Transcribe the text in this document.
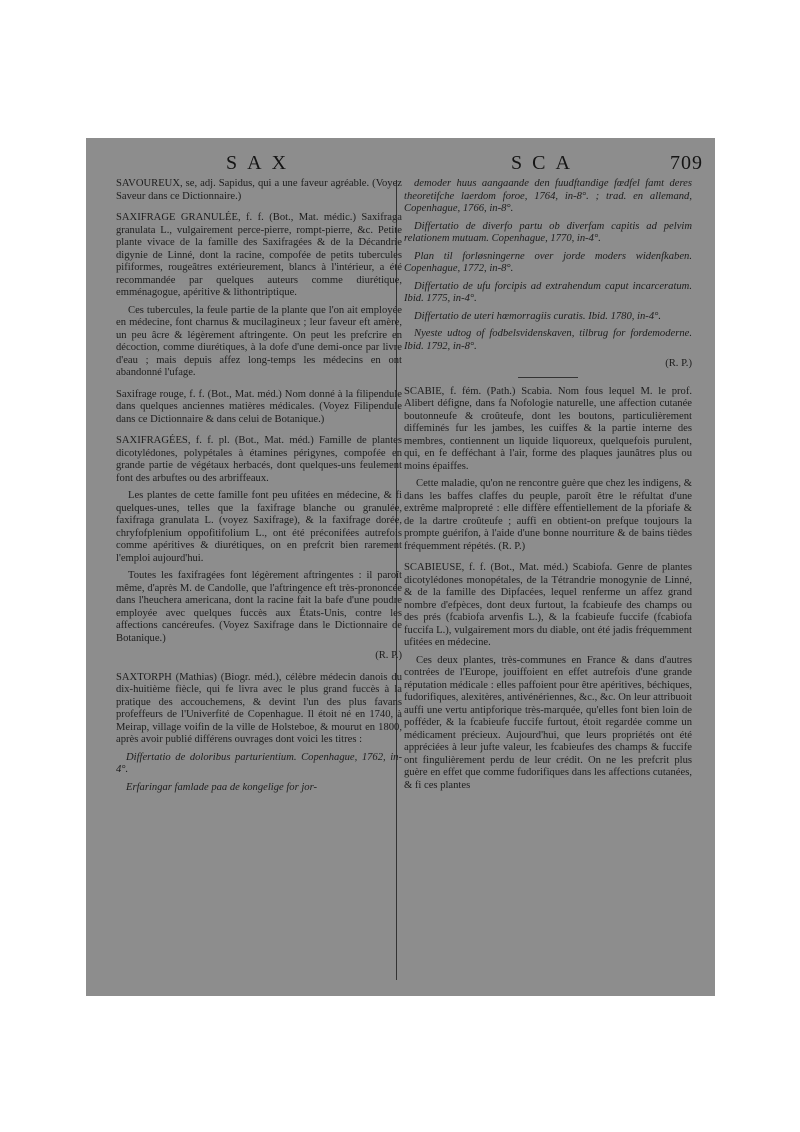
SAX	SCA	709

SAVOUREUX, se, adj. Sapidus, qui a une faveur agréable. (Voyez Saveur dans ce Dictionnaire.)

SAXIFRAGE GRANULÉE, f. f. (Bot., Mat. médic.) Saxifraga granulata L., vulgairement perce-pierre, rompt-pierre, &c. Petite plante vivace de la famille des Saxifragées & de la Décandrie digynie de Linné, dont la racine, compofée de petits tubercules pififormes, rougeâtres extérieurement, blancs à l'intérieur, a été recommandée par quelques auteurs comme diurétique, emménagogue, apéritive & lithontriptique.

Ces tubercules, la feule partie de la plante que l'on ait employée en médecine, font charnus & mucilagineux ; leur faveur eft amère, un peu âcre & légèrement aftringente. On peut les prefcrire en décoction, comme diurétiques, à la dofe d'une demi-once par livre d'eau ; mais depuis affez long-temps les médecins en ont abandonné l'ufage.

Saxifrage rouge, f. f. (Bot., Mat. méd.) Nom donné à la filipendule dans quelques anciennes matières médicales. (Voyez Filipendule dans ce Dictionnaire & dans celui de Botanique.)

SAXIFRAGÉES, f. f. pl. (Bot., Mat. méd.) Famille de plantes dicotylédones, polypétales à étamines périgynes, compofée en grande partie de végétaux herbacés, dont quelques-uns feulement font des arbuftes ou des arbriffeaux.

Les plantes de cette famille font peu ufitées en médecine, & fi quelques-unes, telles que la faxifrage blanche ou granulée, faxifraga granulata L. (voyez Saxifrage), & la faxifrage dorée, chryfofplenium oppofitifolium L., ont été préconifées autrefois comme apéritives & diurétiques, on en prefcrit bien rarement l'emploi aujourd'hui.

Toutes les faxifragées font légèrement aftringentes : il paroît même, d'après M. de Candolle, que l'aftringence eft très-prononcée dans l'heuchera americana, dont la racine fait la bafe d'une poudre employée avec quelques fuccès aux États-Unis, contre les affections cancéreufes. (Voyez Saxifrage dans le Dictionnaire de Botanique.)

(R. P.)

SAXTORPH (Mathias) (Biogr. méd.), célèbre médecin danois du dix-huitième fiècle, qui fe livra avec le plus grand fuccès à la pratique des accouchemens, & devint l'un des plus favans profeffeurs de l'Univerfité de Copenhague. Il étoit né en 1740, à Meirap, village voifin de la ville de Holsteboe, & mourut en 1800, après avoir publié différens ouvrages dont voici les titres :

Differtatio de doloribus parturientium. Copenhague, 1762, in-4°.

Erfaringar famlade paa de kongelige for jor-

demoder huus aangaande den fuudftandige fœdfel famt deres theoretifche laerdom foroe, 1764, in-8°. ; trad. en allemand, Copenhague, 1766, in-8°.

Differtatio de diverfo partu ob diverfam capitis ad pelvim relationem mutuam. Copenhague, 1770, in-4°.

Plan til forløsningerne over jorde moders widenfkaben. Copenhague, 1772, in-8°.

Differtatio de ufu forcipis ad extrahendum caput incarceratum. Ibid. 1775, in-4°.

Differtatio de uteri hœmorragiis curatis. Ibid. 1780, in-4°.

Nyeste udtog of fodbelsvidenskaven, tilbrug for fordemoderne. Ibid. 1792, in-8°.

(R. P.)

SCABIE, f. fém. (Path.) Scabia. Nom fous lequel M. le prof. Alibert défigne, dans fa Nofologie naturelle, une affection cutanée boutonneufe & croûteufe, dont les boutons, particulièrement diffeminés fur les jambes, les cuiffes & la partie interne des membres, contiennent un liquide liquoreux, quelquefois purulent, qui, en fe defféchant à l'air, forme des plaques jaunâtres plus ou moins épaiffes.

Cette maladie, qu'on ne rencontre guère que chez les indigens, & dans les baffes claffes du peuple, paroît être le réfultat d'une extrême malpropreté : elle diffère effentiellement de la pforiafe & de la dartre croûteufe ; auffi en obtient-on prefque toujours la prompte guérifon, à l'aide d'une bonne nourriture & de bains tièdes fréquemment répétés. (R. P.)

SCABIEUSE, f. f. (Bot., Mat. méd.) Scabiofa. Genre de plantes dicotylédones monopétales, de la Tétrandrie monogynie de Linné, & de la famille des Dipfacées, lequel renferme un affez grand nombre d'efpèces, dont deux furtout, la fcabieufe des champs ou des prés (fcabiofa arvenfis L.), & la fcabieufe fuccife (fcabiofa fuccifa L.), vulgairement mors du diable, ont été jadis fréquemment ufitées en médecine.

Ces deux plantes, très-communes en France & dans d'autres contrées de l'Europe, jouiffoient en effet autrefois d'une grande réputation médicale : elles paffoient pour être apéritives, béchiques, fudorifiques, alexitères, antivénériennes, &c., &c. On leur attribuoit auffi une vertu antipforique très-marquée, qu'elles font bien loin de pofféder, & la fcabieufe fuccife furtout, étoit regardée comme un médicament précieux. Aujourd'hui, que leurs propriétés ont été appréciées à leur jufte valeur, les fcabieufes des champs & fuccife ont fingulièrement perdu de leur crédit. On ne les prefcrit plus guère en effet que comme fudorifiques dans les affections cutanées, & fi ces plantes
